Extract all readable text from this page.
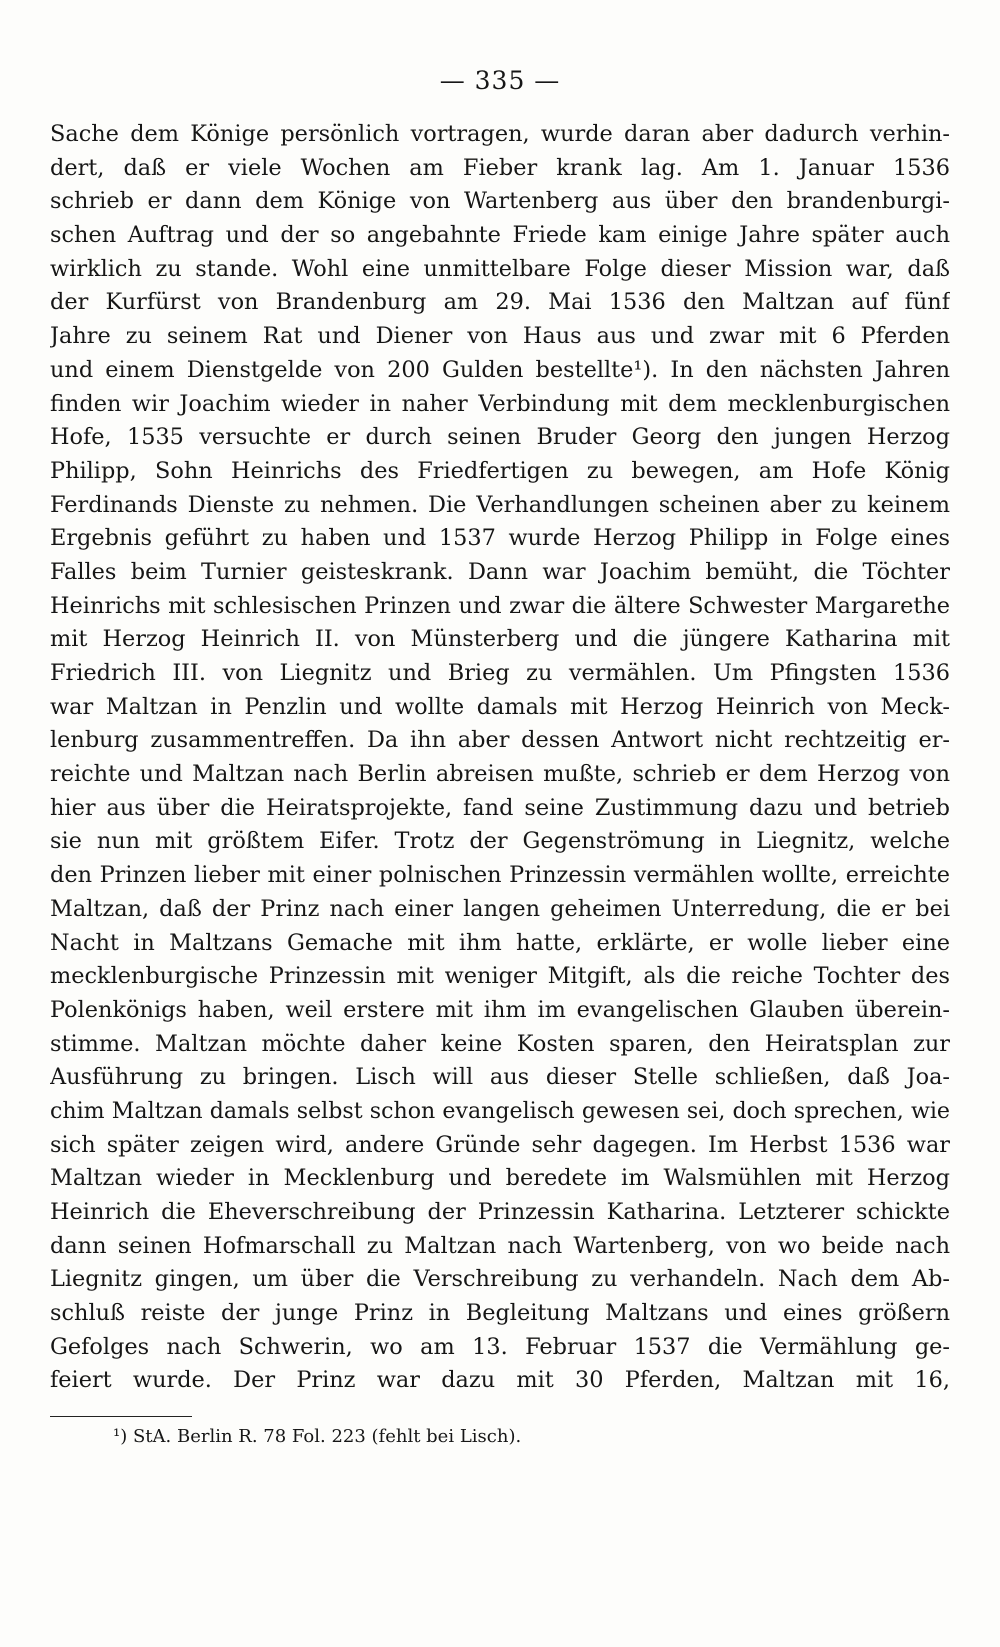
— 335 —
Sache dem Könige persönlich vortragen, wurde daran aber dadurch verhin-
dert, daß er viele Wochen am Fieber krank lag. Am 1. Januar 1536
schrieb er dann dem Könige von Wartenberg aus über den brandenburgi-
schen Auftrag und der so angebahnte Friede kam einige Jahre später auch
wirklich zu stande. Wohl eine unmittelbare Folge dieser Mission war, daß
der Kurfürst von Brandenburg am 29. Mai 1536 den Maltzan auf fünf
Jahre zu seinem Rat und Diener von Haus aus und zwar mit 6 Pferden
und einem Dienstgelde von 200 Gulden bestellte¹). In den nächsten Jahren
finden wir Joachim wieder in naher Verbindung mit dem mecklenburgischen
Hofe, 1535 versuchte er durch seinen Bruder Georg den jungen Herzog
Philipp, Sohn Heinrichs des Friedfertigen zu bewegen, am Hofe König
Ferdinands Dienste zu nehmen. Die Verhandlungen scheinen aber zu keinem
Ergebnis geführt zu haben und 1537 wurde Herzog Philipp in Folge eines
Falles beim Turnier geisteskrank. Dann war Joachim bemüht, die Töchter
Heinrichs mit schlesischen Prinzen und zwar die ältere Schwester Margarethe
mit Herzog Heinrich II. von Münsterberg und die jüngere Katharina mit
Friedrich III. von Liegnitz und Brieg zu vermählen. Um Pfingsten 1536
war Maltzan in Penzlin und wollte damals mit Herzog Heinrich von Meck-
lenburg zusammentreffen. Da ihn aber dessen Antwort nicht rechtzeitig er-
reichte und Maltzan nach Berlin abreisen mußte, schrieb er dem Herzog von
hier aus über die Heiratsprojekte, fand seine Zustimmung dazu und betrieb
sie nun mit größtem Eifer. Trotz der Gegenströmung in Liegnitz, welche
den Prinzen lieber mit einer polnischen Prinzessin vermählen wollte, erreichte
Maltzan, daß der Prinz nach einer langen geheimen Unterredung, die er bei
Nacht in Maltzans Gemache mit ihm hatte, erklärte, er wolle lieber eine
mecklenburgische Prinzessin mit weniger Mitgift, als die reiche Tochter des
Polenkönigs haben, weil erstere mit ihm im evangelischen Glauben überein-
stimme. Maltzan möchte daher keine Kosten sparen, den Heiratsplan zur
Ausführung zu bringen. Lisch will aus dieser Stelle schließen, daß Joa-
chim Maltzan damals selbst schon evangelisch gewesen sei, doch sprechen, wie
sich später zeigen wird, andere Gründe sehr dagegen. Im Herbst 1536 war
Maltzan wieder in Mecklenburg und beredete im Walsmühlen mit Herzog
Heinrich die Eheverschreibung der Prinzessin Katharina. Letzterer schickte
dann seinen Hofmarschall zu Maltzan nach Wartenberg, von wo beide nach
Liegnitz gingen, um über die Verschreibung zu verhandeln. Nach dem Ab-
schluß reiste der junge Prinz in Begleitung Maltzans und eines größern
Gefolges nach Schwerin, wo am 13. Februar 1537 die Vermählung ge-
feiert wurde. Der Prinz war dazu mit 30 Pferden, Maltzan mit 16,
¹) StA. Berlin R. 78 Fol. 223 (fehlt bei Lisch).
